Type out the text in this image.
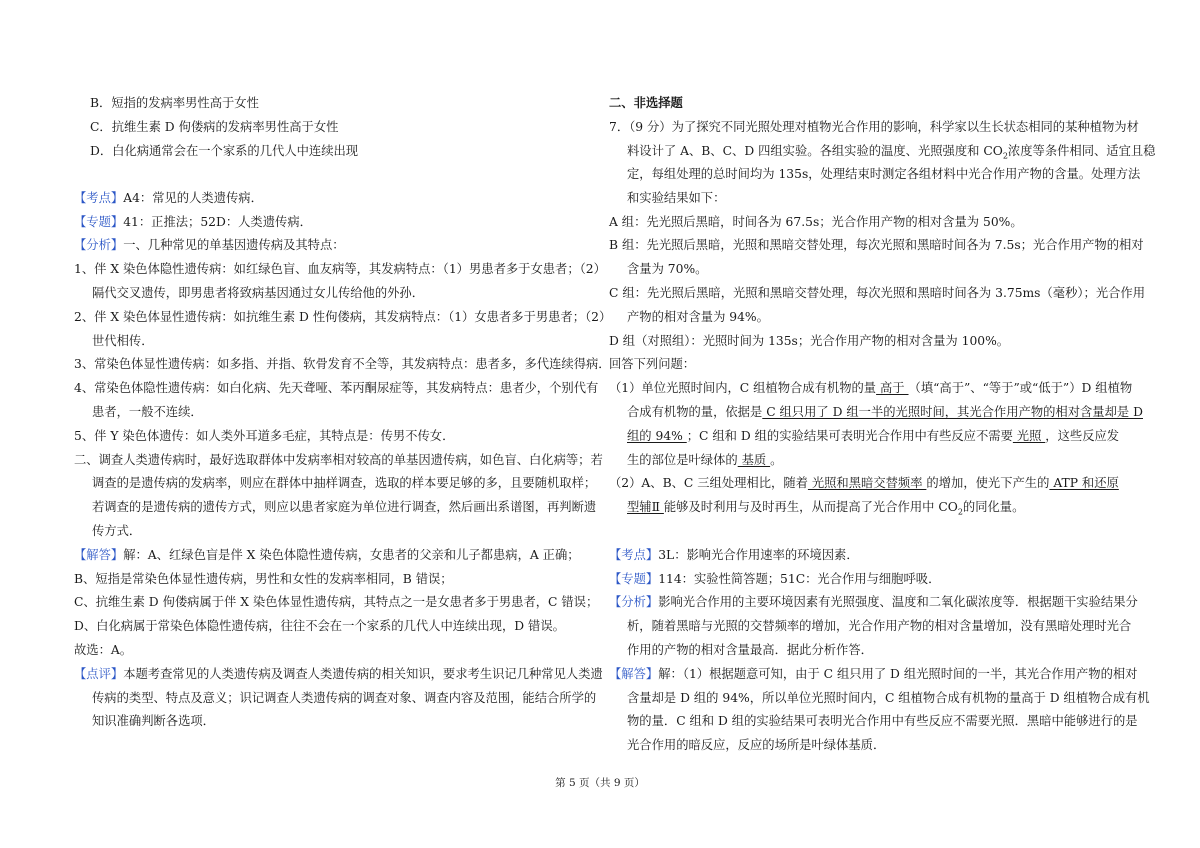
B．短指的发病率男性高于女性
C．抗维生素 D 佝偻病的发病率男性高于女性
D．白化病通常会在一个家系的几代人中连续出现
【考点】A4：常见的人类遗传病．
【专题】41：正推法；52D：人类遗传病．
【分析】一、几种常见的单基因遗传病及其特点：
1、伴 X 染色体隐性遗传病：如红绿色盲、血友病等，其发病特点：（1）男患者多于女患者；（2）
隔代交叉遗传，即男患者将致病基因通过女儿传给他的外孙．
2、伴 X 染色体显性遗传病：如抗维生素 D 性佝偻病，其发病特点：（1）女患者多于男患者；（2）
世代相传．
3、常染色体显性遗传病：如多指、并指、软骨发育不全等，其发病特点：患者多，多代连续得病．
4、常染色体隐性遗传病：如白化病、先天聋哑、苯丙酮尿症等，其发病特点：患者少，个别代有
患者，一般不连续．
5、伴 Y 染色体遗传：如人类外耳道多毛症，其特点是：传男不传女．
二、调查人类遗传病时，最好选取群体中发病率相对较高的单基因遗传病，如色盲、白化病等；若
调查的是遗传病的发病率，则应在群体中抽样调查，选取的样本要足够的多，且要随机取样；
若调查的是遗传病的遗传方式，则应以患者家庭为单位进行调查，然后画出系谱图，再判断遗
传方式．
【解答】解：A、红绿色盲是伴 X 染色体隐性遗传病，女患者的父亲和儿子都患病，A 正确；
B、短指是常染色体显性遗传病，男性和女性的发病率相同，B 错误；
C、抗维生素 D 佝偻病属于伴 X 染色体显性遗传病，其特点之一是女患者多于男患者，C 错误；
D、白化病属于常染色体隐性遗传病，往往不会在一个家系的几代人中连续出现，D 错误。
故选：A。
【点评】本题考查常见的人类遗传病及调查人类遗传病的相关知识，要求考生识记几种常见人类遗
传病的类型、特点及意义；识记调查人类遗传病的调查对象、调查内容及范围，能结合所学的
知识准确判断各选项．
二、非选择题
7．（9 分）为了探究不同光照处理对植物光合作用的影响，科学家以生长状态相同的某种植物为材
料设计了 A、B、C、D 四组实验。各组实验的温度、光照强度和 $CO_2$浓度等条件相同、适宜且稳
定，每组处理的总时间均为 135s，处理结束时测定各组材料中光合作用产物的含量。处理方法
和实验结果如下：
A 组：先光照后黑暗，时间各为 67.5s；光合作用产物的相对含量为 50%。
B 组：先光照后黑暗，光照和黑暗交替处理，每次光照和黑暗时间各为 7.5s；光合作用产物的相对
含量为 70%。
C 组：先光照后黑暗，光照和黑暗交替处理，每次光照和黑暗时间各为 3.75ms（毫秒）；光合作用
产物的相对含量为 94%。
D 组（对照组）：光照时间为 135s；光合作用产物的相对含量为 100%。
回答下列问题：
（1）单位光照时间内，C 组植物合成有机物的量 高于 （填“高于”、“等于”或“低于”）D 组植物
合成有机物的量，依据是 C 组只用了 D 组一半的光照时间，其光合作用产物的相对含量却是 D
组的 94% ；C 组和 D 组的实验结果可表明光合作用中有些反应不需要 光照 ，这些反应发
生的部位是叶绿体的 基质 。
（2）A、B、C 三组处理相比，随着 光照和黑暗交替频率 的增加，使光下产生的 ATP 和还原
型辅Ⅱ 能够及时利用与及时再生，从而提高了光合作用中 $CO_2$的同化量。
【考点】3L：影响光合作用速率的环境因素．
【专题】114：实验性简答题；51C：光合作用与细胞呼吸．
【分析】影响光合作用的主要环境因素有光照强度、温度和二氧化碳浓度等．根据题干实验结果分
析，随着黑暗与光照的交替频率的增加，光合作用产物的相对含量增加，没有黑暗处理时光合
作用的产物的相对含量最高．据此分析作答．
【解答】解：（1）根据题意可知，由于 C 组只用了 D 组光照时间的一半，其光合作用产物的相对
含量却是 D 组的 94%，所以单位光照时间内，C 组植物合成有机物的量高于 D 组植物合成有机
物的量．C 组和 D 组的实验结果可表明光合作用中有些反应不需要光照．黑暗中能够进行的是
光合作用的暗反应，反应的场所是叶绿体基质．
第 5 页（共 9 页）
